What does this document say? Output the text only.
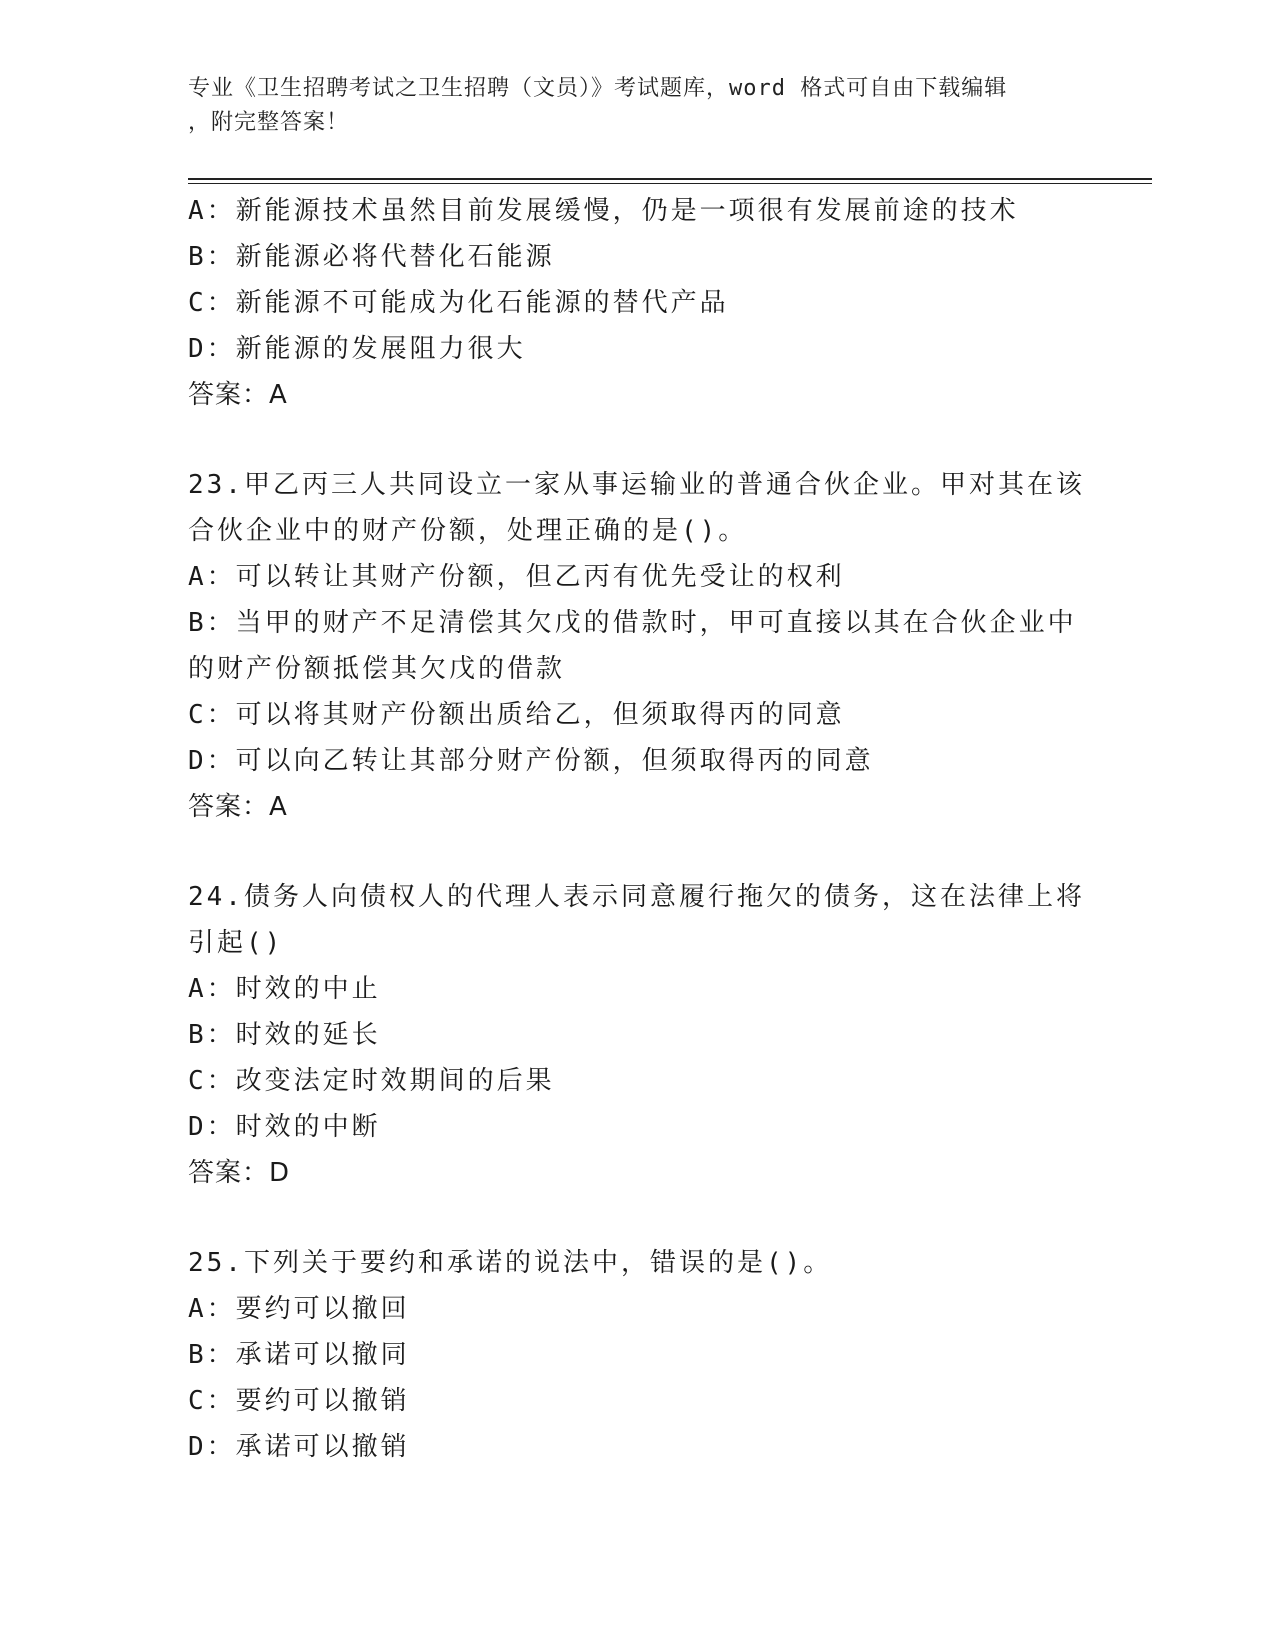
专业《卫生招聘考试之卫生招聘（文员）》考试题库，word 格式可自由下载编辑
，附完整答案！
A：新能源技术虽然目前发展缓慢，仍是一项很有发展前途的技术
B：新能源必将代替化石能源
C：新能源不可能成为化石能源的替代产品
D：新能源的发展阻力很大
答案：A
23.甲乙丙三人共同设立一家从事运输业的普通合伙企业。甲对其在该
合伙企业中的财产份额，处理正确的是()。
A：可以转让其财产份额，但乙丙有优先受让的权利
B：当甲的财产不足清偿其欠戊的借款时，甲可直接以其在合伙企业中
的财产份额抵偿其欠戊的借款
C：可以将其财产份额出质给乙，但须取得丙的同意
D：可以向乙转让其部分财产份额，但须取得丙的同意
答案：A
24.债务人向债权人的代理人表示同意履行拖欠的债务，这在法律上将
引起()
A：时效的中止
B：时效的延长
C：改变法定时效期间的后果
D：时效的中断
答案：D
25.下列关于要约和承诺的说法中，错误的是()。
A：要约可以撤回
B：承诺可以撤同
C：要约可以撤销
D：承诺可以撤销
